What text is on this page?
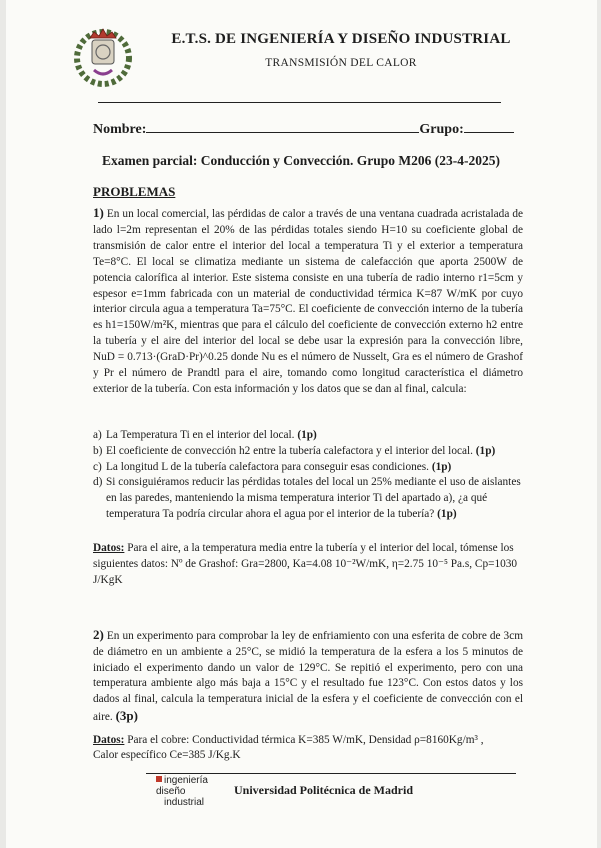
E.T.S. DE INGENIERÍA Y DISEÑO INDUSTRIAL
TRANSMISIÓN DEL CALOR
Nombre:	Grupo:
Examen parcial: Conducción y Convección. Grupo M206 (23-4-2025)
PROBLEMAS
1) En un local comercial, las pérdidas de calor a través de una ventana cuadrada acristalada de lado l=2m representan el 20% de las pérdidas totales siendo H=10 su coeficiente global de transmisión de calor entre el interior del local a temperatura Ti y el exterior a temperatura Te=8°C. El local se climatiza mediante un sistema de calefacción que aporta 2500W de potencia calorífica al interior. Este sistema consiste en una tubería de radio interno r1=5cm y espesor e=1mm fabricada con un material de conductividad térmica K=87 W/mK por cuyo interior circula agua a temperatura Ta=75°C. El coeficiente de convección interno de la tubería es h1=150W/m²K, mientras que para el cálculo del coeficiente de convección externo h2 entre la tubería y el aire del interior del local se debe usar la expresión para la convección libre, NuD = 0.713·(GraD·Pr)^0.25 donde Nu es el número de Nusselt, Gra es el número de Grashof y Pr el número de Prandtl para el aire, tomando como longitud característica el diámetro exterior de la tubería. Con esta información y los datos que se dan al final, calcula:
a) La Temperatura Ti en el interior del local. (1p)
b) El coeficiente de convección h2 entre la tubería calefactora y el interior del local. (1p)
c) La longitud L de la tubería calefactora para conseguir esas condiciones. (1p)
d) Si consiguiéramos reducir las pérdidas totales del local un 25% mediante el uso de aislantes en las paredes, manteniendo la misma temperatura interior Ti del apartado a), ¿a qué temperatura Ta podría circular ahora el agua por el interior de la tubería? (1p)
Datos: Para el aire, a la temperatura media entre la tubería y el interior del local, tómense los siguientes datos: Nº de Grashof: Gra=2800, Ka=4.08 10⁻²W/mK, η=2.75 10⁻⁵ Pa.s, Cp=1030 J/KgK
2) En un experimento para comprobar la ley de enfriamiento con una esferita de cobre de 3cm de diámetro en un ambiente a 25°C, se midió la temperatura de la esfera a los 5 minutos de iniciado el experimento dando un valor de 129°C. Se repitió el experimento, pero con una temperatura ambiente algo más baja a 15°C y el resultado fue 123°C. Con estos datos y los dados al final, calcula la temperatura inicial de la esfera y el coeficiente de convección con el aire. (3p)
Datos: Para el cobre: Conductividad térmica K=385 W/mK, Densidad ρ=8160Kg/m³ ,
Calor específico Ce=385 J/Kg.K
ingeniería
diseño
industrial
Universidad Politécnica de Madrid
